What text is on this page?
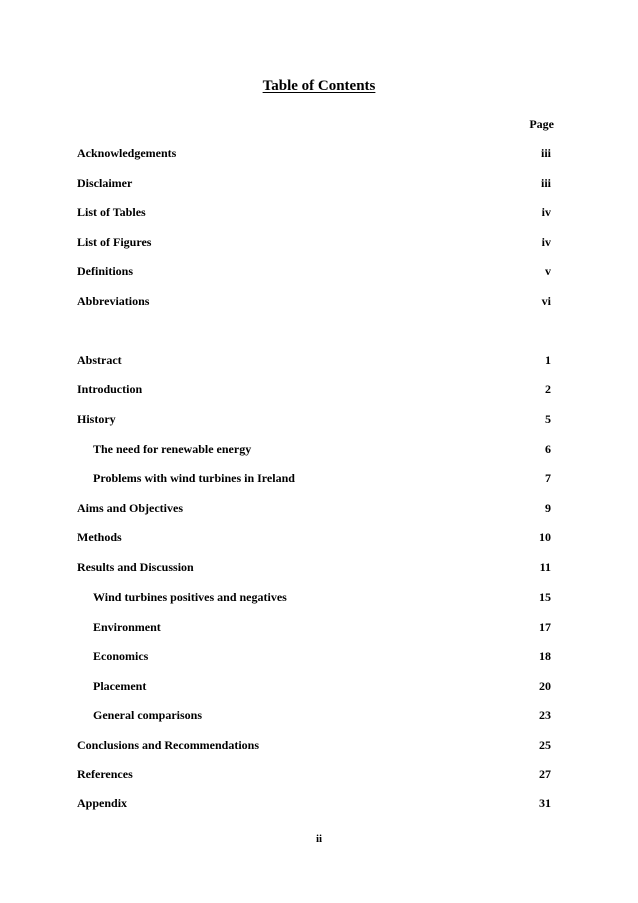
Table of Contents
Page
Acknowledgements	iii
Disclaimer	iii
List of Tables	iv
List of Figures	iv
Definitions	v
Abbreviations	vi
Abstract	1
Introduction	2
History	5
The need for renewable energy	6
Problems with wind turbines in Ireland	7
Aims and Objectives	9
Methods	10
Results and Discussion	11
Wind turbines positives and negatives	15
Environment	17
Economics	18
Placement	20
General comparisons	23
Conclusions and Recommendations	25
References	27
Appendix	31
ii
